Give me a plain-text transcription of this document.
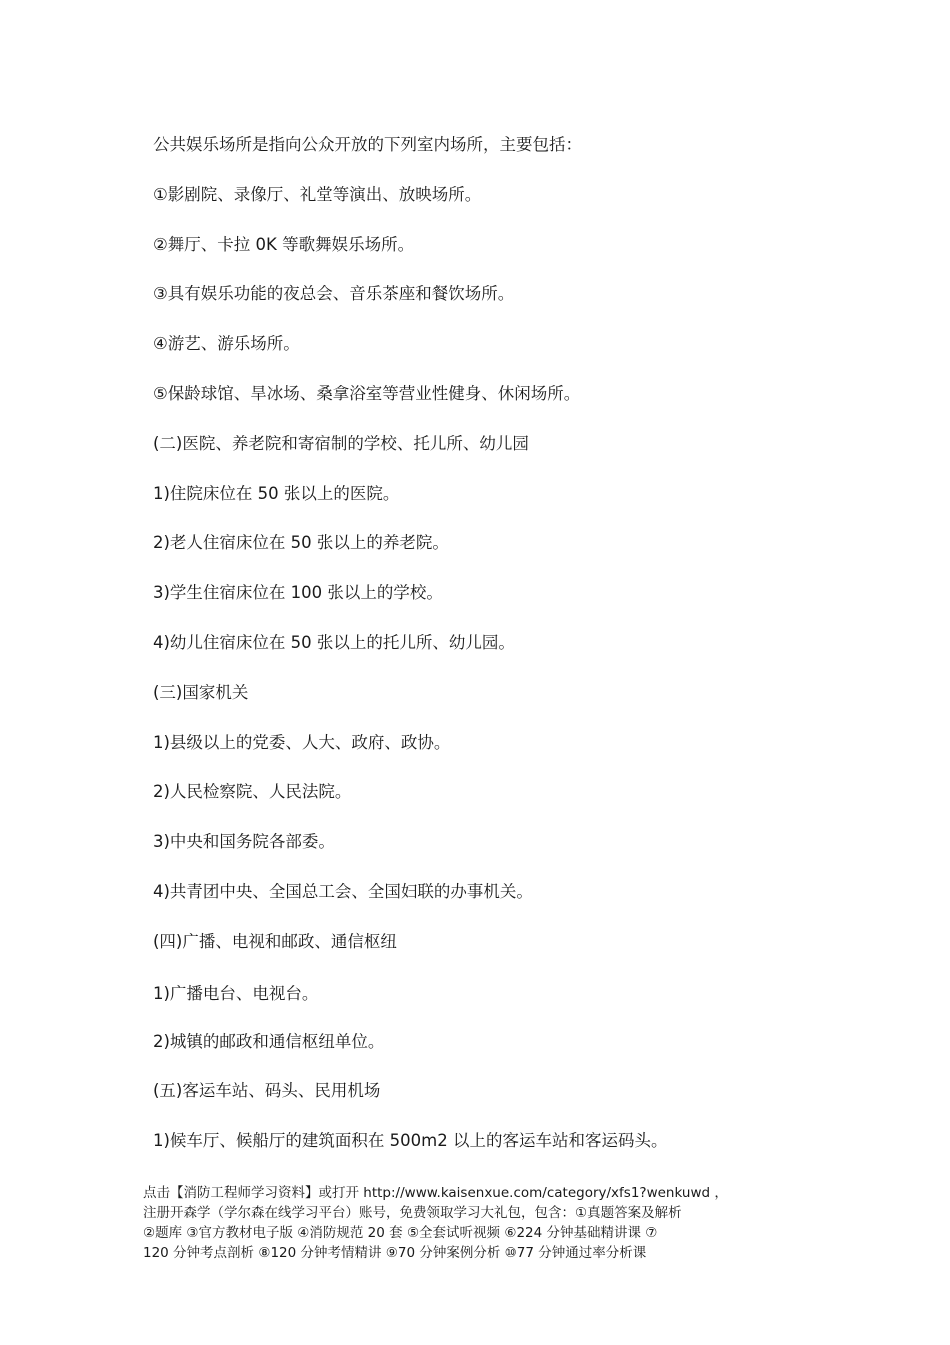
公共娱乐场所是指向公众开放的下列室内场所，主要包括：

①影剧院、录像厅、礼堂等演出、放映场所。

②舞厅、卡拉 0K 等歌舞娱乐场所。

③具有娱乐功能的夜总会、音乐茶座和餐饮场所。

④游艺、游乐场所。

⑤保龄球馆、旱冰场、桑拿浴室等营业性健身、休闲场所。

(二)医院、养老院和寄宿制的学校、托儿所、幼儿园

1)住院床位在 50 张以上的医院。

2)老人住宿床位在 50 张以上的养老院。

3)学生住宿床位在 100 张以上的学校。

4)幼儿住宿床位在 50 张以上的托儿所、幼儿园。

(三)国家机关

1)县级以上的党委、人大、政府、政协。

2)人民检察院、人民法院。

3)中央和国务院各部委。

4)共青团中央、全国总工会、全国妇联的办事机关。

(四)广播、电视和邮政、通信枢纽

1)广播电台、电视台。

2)城镇的邮政和通信枢纽单位。

(五)客运车站、码头、民用机场

1)候车厅、候船厅的建筑面积在 500m2 以上的客运车站和客运码头。

点击【消防工程师学习资料】或打开 http://www.kaisenxue.com/category/xfs1?wenkuwd ，
注册开森学（学尔森在线学习平台）账号，免费领取学习大礼包，包含：①真题答案及解析
②题库 ③官方教材电子版 ④消防规范 20 套 ⑤全套试听视频 ⑥224 分钟基础精讲课 ⑦
120 分钟考点剖析 ⑧120 分钟考情精讲 ⑨70 分钟案例分析 ⑩77 分钟通过率分析课
